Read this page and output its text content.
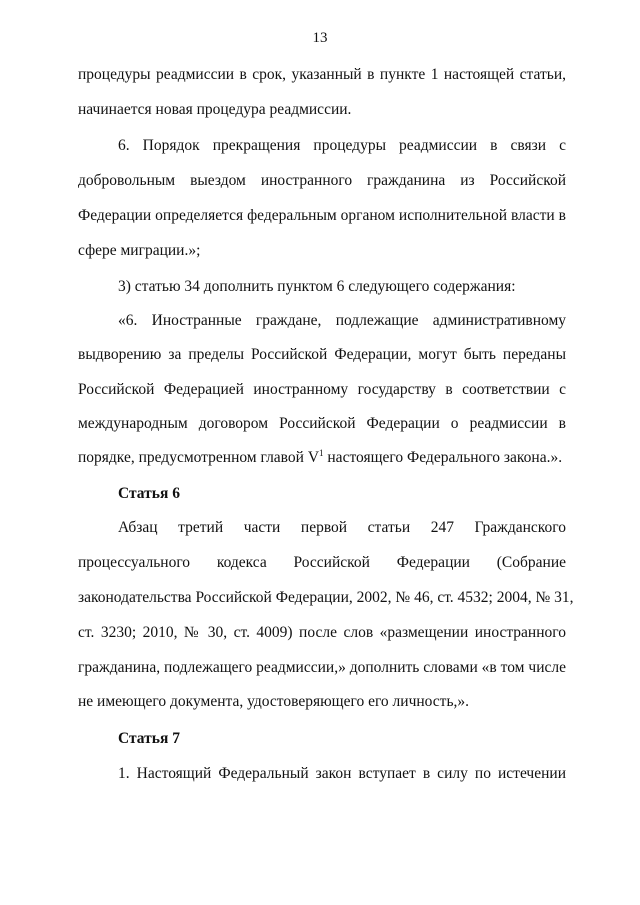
13
процедуры реадмиссии в срок, указанный в пункте 1 настоящей статьи,
начинается новая процедура реадмиссии.
6. Порядок прекращения процедуры реадмиссии в связи с
добровольным выездом иностранного гражданина из Российской
Федерации определяется федеральным органом исполнительной власти в
сфере миграции.»;
3) статью 34 дополнить пунктом 6 следующего содержания:
«6. Иностранные граждане, подлежащие административному
выдворению за пределы Российской Федерации, могут быть переданы
Российской Федерацией иностранному государству в соответствии с
международным договором Российской Федерации о реадмиссии в
порядке, предусмотренном главой $V^1$ настоящего Федерального закона.».
Статья 6
Абзац третий части первой статьи 247 Гражданского
процессуального кодекса Российской Федерации (Собрание
законодательства Российской Федерации, 2002, № 46, ст. 4532; 2004, № 31,
ст. 3230; 2010, № 30, ст. 4009) после слов «размещении иностранного
гражданина, подлежащего реадмиссии,» дополнить словами «в том числе
не имеющего документа, удостоверяющего его личность,».
Статья 7
1. Настоящий Федеральный закон вступает в силу по истечении
